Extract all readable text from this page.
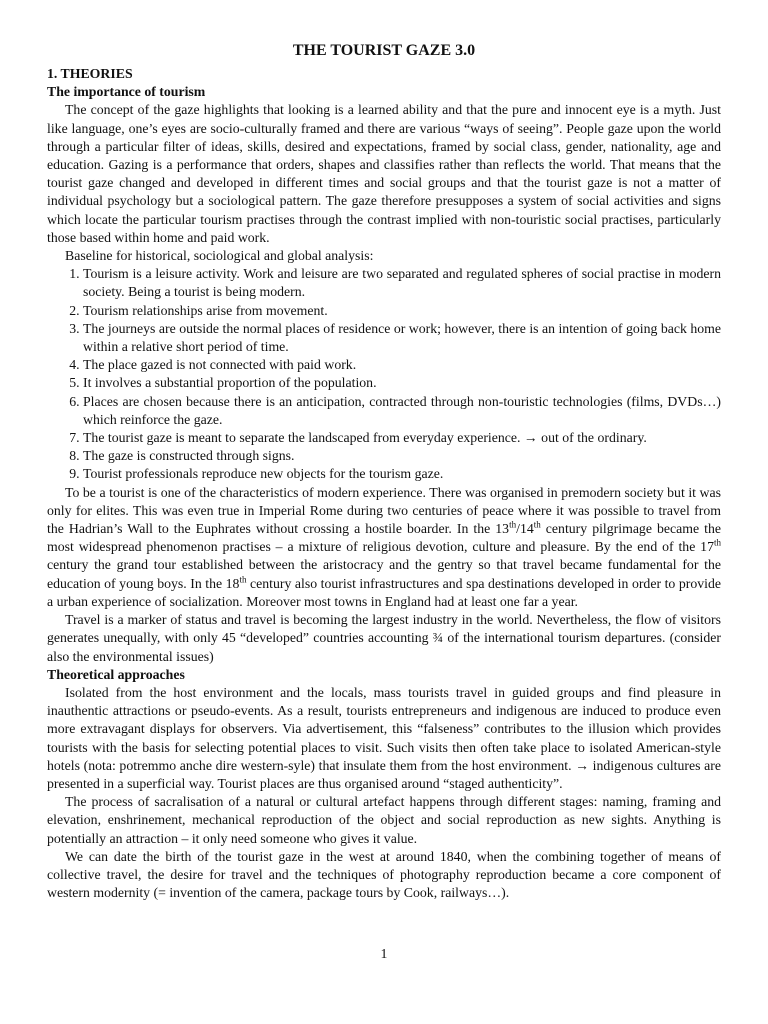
THE TOURIST GAZE 3.0
1. THEORIES
The importance of tourism

The concept of the gaze highlights that looking is a learned ability and that the pure and innocent eye is a myth. Just like language, one’s eyes are socio-culturally framed and there are various “ways of seeing”. People gaze upon the world through a particular filter of ideas, skills, desired and expectations, framed by social class, gender, nationality, age and education. Gazing is a performance that orders, shapes and classifies rather than reflects the world. That means that the tourist gaze changed and developed in different times and social groups and that the tourist gaze is not a matter of individual psychology but a sociological pattern. The gaze therefore presupposes a system of social activities and signs which locate the particular tourism practises through the contrast implied with non-touristic social practises, particularly those based within home and paid work.

Baseline for historical, sociological and global analysis:

1. Tourism is a leisure activity. Work and leisure are two separated and regulated spheres of social practise in modern society. Being a tourist is being modern.
2. Tourism relationships arise from movement.
3. The journeys are outside the normal places of residence or work; however, there is an intention of going back home within a relative short period of time.
4. The place gazed is not connected with paid work.
5. It involves a substantial proportion of the population.
6. Places are chosen because there is an anticipation, contracted through non-touristic technologies (films, DVDs…) which reinforce the gaze.
7. The tourist gaze is meant to separate the landscaped from everyday experience. → out of the ordinary.
8. The gaze is constructed through signs.
9. Tourist professionals reproduce new objects for the tourism gaze.

To be a tourist is one of the characteristics of modern experience. There was organised in premodern society but it was only for elites. This was even true in Imperial Rome during two centuries of peace where it was possible to travel from the Hadrian’s Wall to the Euphrates without crossing a hostile boarder. In the 13th/14th century pilgrimage became the most widespread phenomenon practises – a mixture of religious devotion, culture and pleasure. By the end of the 17th century the grand tour established between the aristocracy and the gentry so that travel became fundamental for the education of young boys. In the 18th century also tourist infrastructures and spa destinations developed in order to provide a urban experience of socialization. Moreover most towns in England had at least one far a year.

Travel is a marker of status and travel is becoming the largest industry in the world. Nevertheless, the flow of visitors generates unequally, with only 45 “developed” countries accounting ¾ of the international tourism departures. (consider also the environmental issues)

Theoretical approaches

Isolated from the host environment and the locals, mass tourists travel in guided groups and find pleasure in inauthentic attractions or pseudo-events. As a result, tourists entrepreneurs and indigenous are induced to produce even more extravagant displays for observers. Via advertisement, this “falseness” contributes to the illusion which provides tourists with the basis for selecting potential places to visit. Such visits then often take place to isolated American-style hotels (nota: potremmo anche dire western-syle) that insulate them from the host environment. → indigenous cultures are presented in a superficial way. Tourist places are thus organised around “staged authenticity”.

The process of sacralisation of a natural or cultural artefact happens through different stages: naming, framing and elevation, enshrinement, mechanical reproduction of the object and social reproduction as new sights. Anything is potentially an attraction – it only need someone who gives it value.

We can date the birth of the tourist gaze in the west at around 1840, when the combining together of means of collective travel, the desire for travel and the techniques of photography reproduction became a core component of western modernity (= invention of the camera, package tours by Cook, railways…).

1
